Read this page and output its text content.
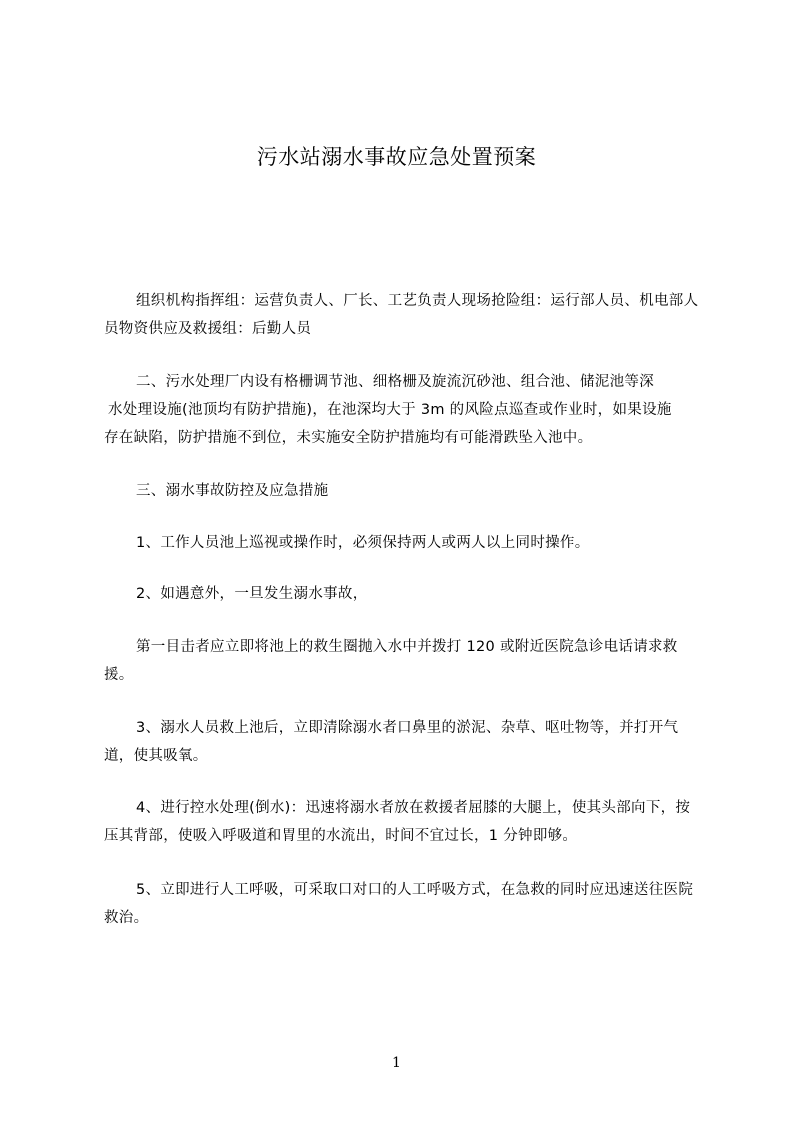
污水站溺水事故应急处置预案

组织机构指挥组：运营负责人、厂长、工艺负责人现场抢险组：运行部人员、机电部人员物资供应及救援组：后勤人员

二、污水处理厂内设有格栅调节池、细格栅及旋流沉砂池、组合池、储泥池等深
水处理设施(池顶均有防护措施)，在池深均大于 3m 的风险点巡查或作业时，如果设施
存在缺陷，防护措施不到位，未实施安全防护措施均有可能滑跌坠入池中。

三、溺水事故防控及应急措施

1、工作人员池上巡视或操作时，必须保持两人或两人以上同时操作。

2、如遇意外，一旦发生溺水事故，

第一目击者应立即将池上的救生圈抛入水中并拨打 120 或附近医院急诊电话请求救援。

3、溺水人员救上池后，立即清除溺水者口鼻里的淤泥、杂草、呕吐物等，并打开气道，使其吸氧。

4、进行控水处理(倒水)：迅速将溺水者放在救援者屈膝的大腿上，使其头部向下，按压其背部，使吸入呼吸道和胃里的水流出，时间不宜过长，1 分钟即够。

5、立即进行人工呼吸，可采取口对口的人工呼吸方式，在急救的同时应迅速送往医院救治。

1
